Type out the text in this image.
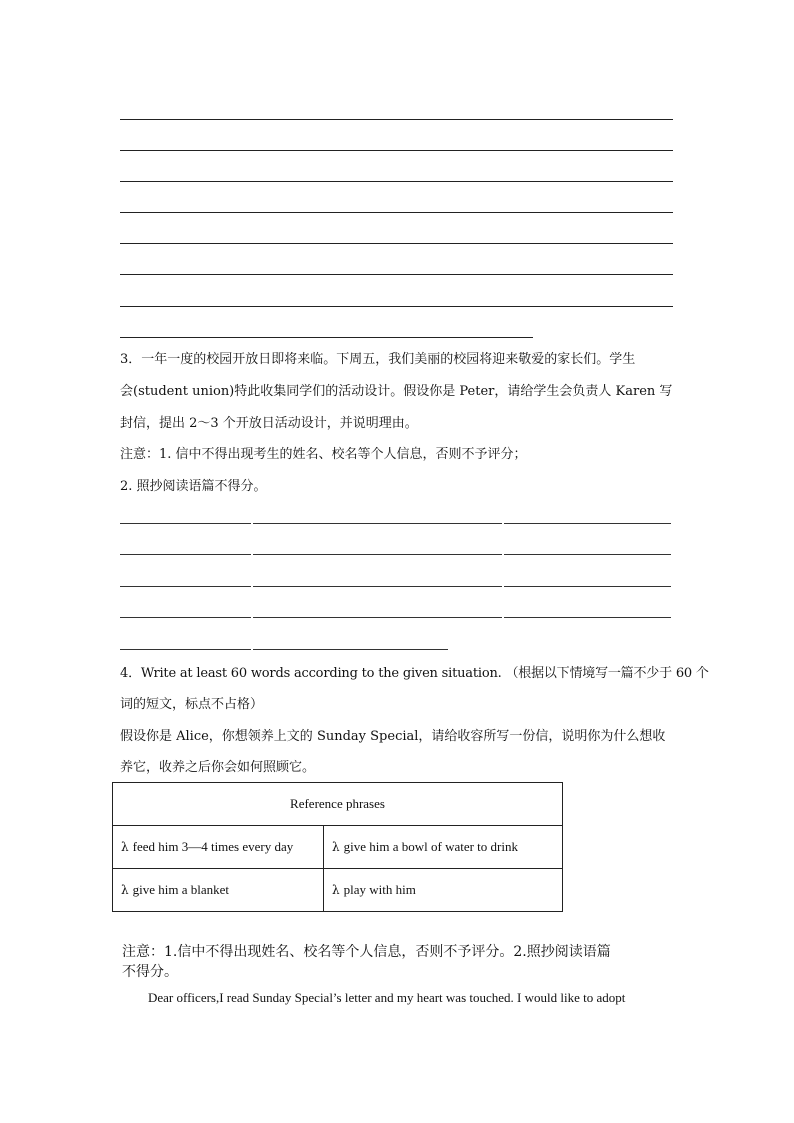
3．一年一度的校园开放日即将来临。下周五，我们美丽的校园将迎来敬爱的家长们。学生
会(student union)特此收集同学们的活动设计。假设你是 Peter，请给学生会负责人 Karen 写
封信，提出 2～3 个开放日活动设计，并说明理由。
注意：1. 信中不得出现考生的姓名、校名等个人信息，否则不予评分；
2. 照抄阅读语篇不得分。
4．Write at least 60 words according to the given situation. （根据以下情境写一篇不少于 60 个
词的短文，标点不占格）
假设你是 Alice，你想领养上文的 Sunday Special，请给收容所写一份信，说明你为什么想收
养它，收养之后你会如何照顾它。
Reference phrases	
λ feed him 3—4 times every day	λ give him a bowl of water to drink
λ give him a blanket	λ play with him
注意：1.信中不得出现姓名、校名等个人信息，否则不予评分。2.照抄阅读语篇
不得分。
Dear officers,I read Sunday Special’s letter and my heart was touched. I would like to adopt
